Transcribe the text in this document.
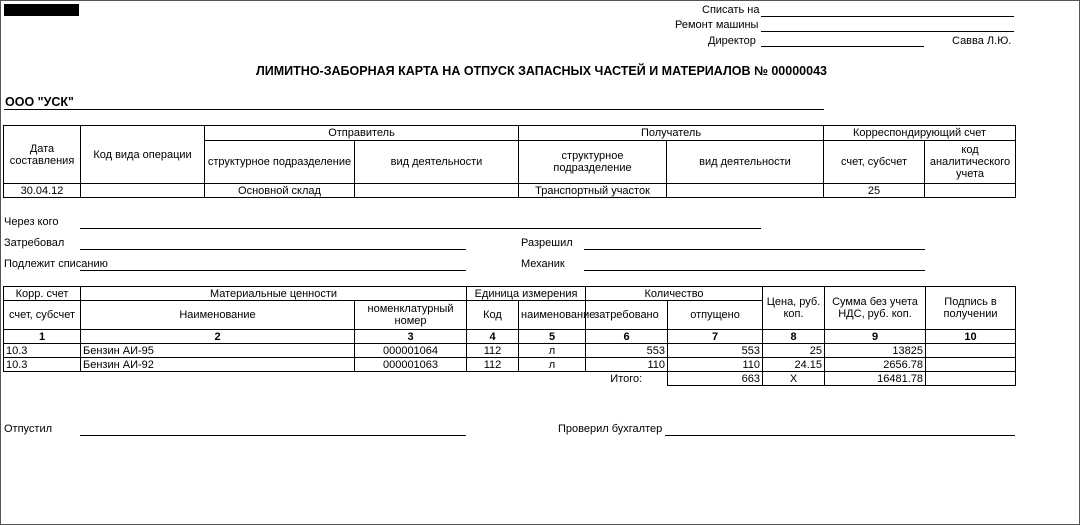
Списать на
Ремонт машины
Директор	Савва Л.Ю.
ЛИМИТНО-ЗАБОРНАЯ КАРТА НА ОТПУСК ЗАПАСНЫХ ЧАСТЕЙ И МАТЕРИАЛОВ № 00000043
ООО "УСК"
Дата составления	Код вида операции	Отправитель		Получатель		Корреспондирующий счет	
		структурное подразделение	вид деятельности	структурное подразделение	вид деятельности	счет, субсчет	код аналитического учета
30.04.12		Основной склад		Транспортный участок		25	
Через кого
Затребовал	Разрешил
Подлежит списанию	Механик
Корр. счет	Материальные ценности		Единица измерения		Количество		Цена, руб. коп.	Сумма без учета НДС, руб. коп.	Подпись в получении
счет, субсчет	Наименование	номенклатурный номер	Код	наименование	затребовано	отпущено			
1	2	3	4	5	6	7	8	9	10
10.3	Бензин АИ-95	000001064	112	л	553	553	25	13825	
10.3	Бензин АИ-92	000001063	112	л	110	110	24.15	2656.78	
					Итого:	663	X	16481.78	
Отпустил	Проверил бухгалтер
